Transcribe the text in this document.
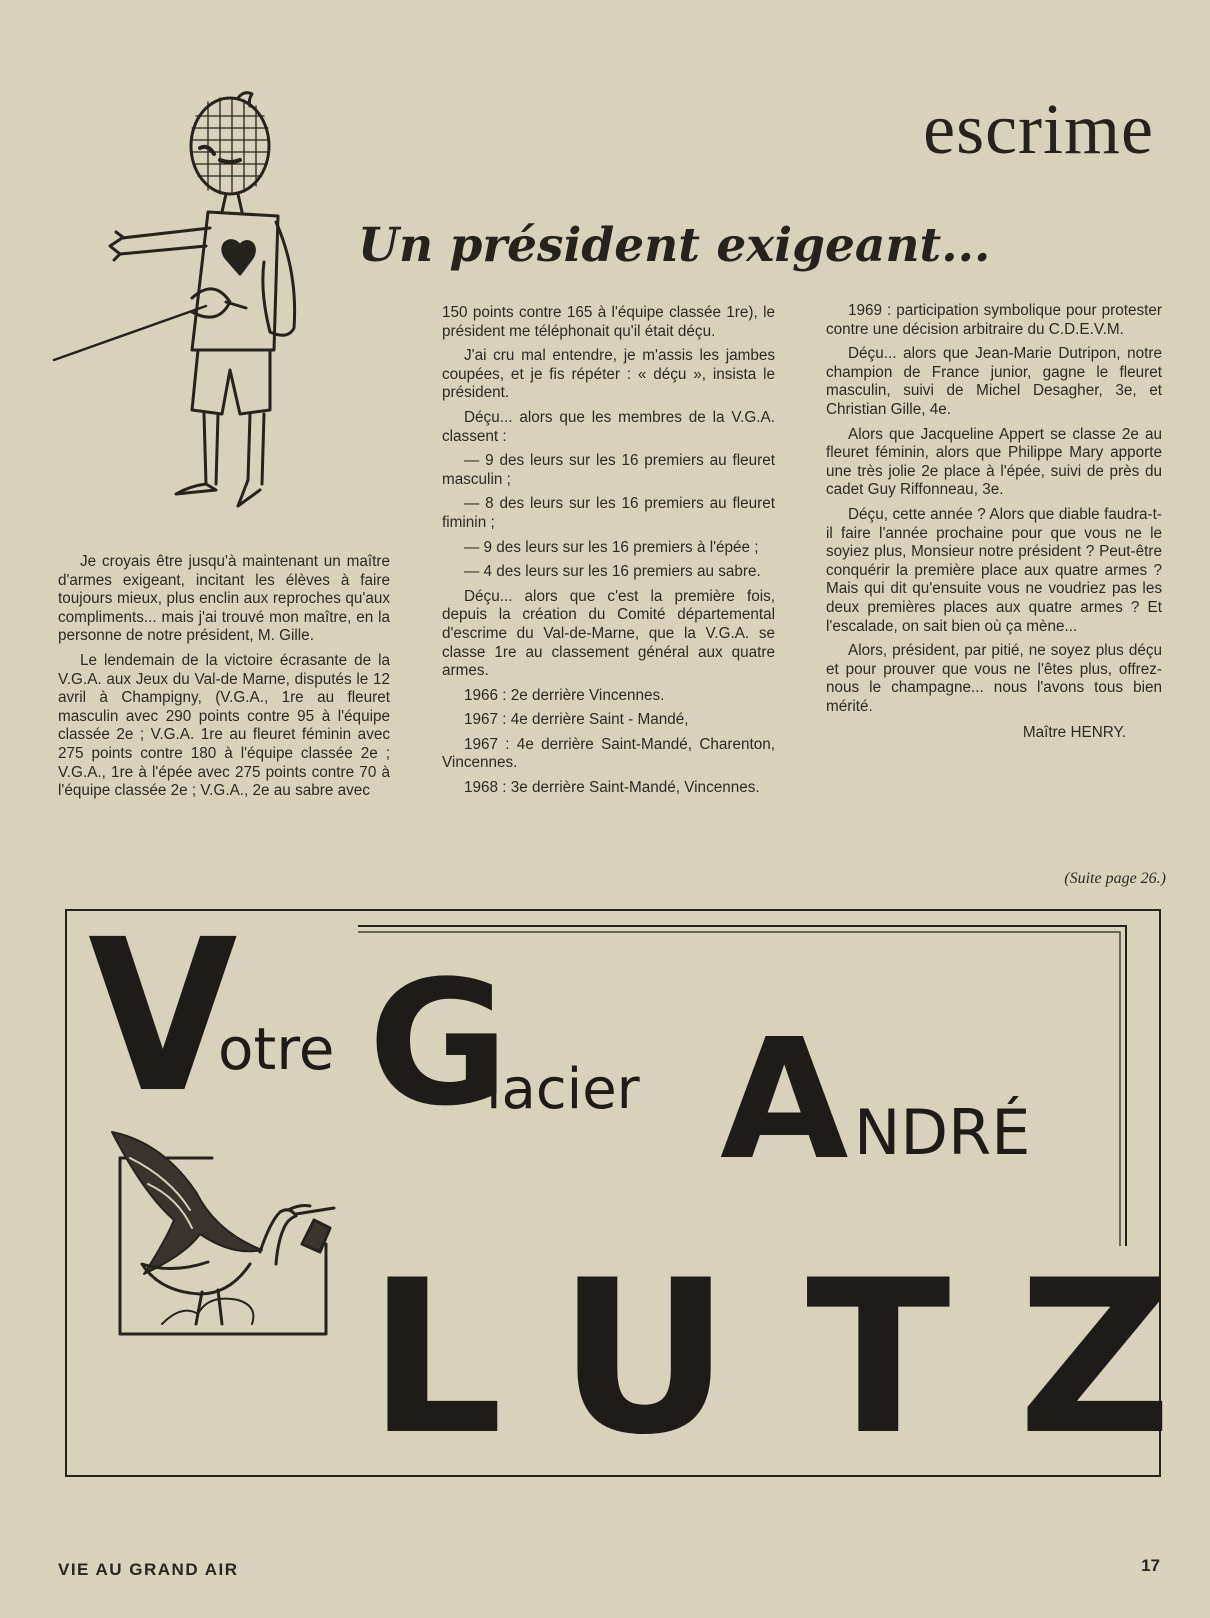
escrime
Un président exigeant...

Je croyais être jusqu'à maintenant un maître d'armes exigeant, incitant les élèves à faire toujours mieux, plus enclin aux reproches qu'aux compliments... mais j'ai trouvé mon maître, en la personne de notre président, M. Gille.

Le lendemain de la victoire écrasante de la V.G.A. aux Jeux du Val-de Marne, disputés le 12 avril à Champigny, (V.G.A., 1re au fleuret masculin avec 290 points contre 95 à l'équipe classée 2e ; V.G.A. 1re au fleuret féminin avec 275 points contre 180 à l'équipe classée 2e ; V.G.A., 1re à l'épée avec 275 points contre 70 à l'équipe classée 2e ; V.G.A., 2e au sabre avec

150 points contre 165 à l'équipe classée 1re), le président me téléphonait qu'il était déçu.

J'ai cru mal entendre, je m'assis les jambes coupées, et je fis répéter : « déçu », insista le président.

Déçu... alors que les membres de la V.G.A. classent :

— 9 des leurs sur les 16 premiers au fleuret masculin ;

— 8 des leurs sur les 16 premiers au fleuret fiminin ;

— 9 des leurs sur les 16 premiers à l'épée ;

— 4 des leurs sur les 16 premiers au sabre.

Déçu... alors que c'est la première fois, depuis la création du Comité départemental d'escrime du Val-de-Marne, que la V.G.A. se classe 1re au classement général aux quatre armes.

1966 : 2e derrière Vincennes.

1967 : 4e derrière Saint - Mandé,

1967 : 4e derrière Saint-Mandé, Charenton, Vincennes.

1968 : 3e derrière Saint-Mandé, Vincennes.

1969 : participation symbolique pour protester contre une décision arbitraire du C.D.E.V.M.

Déçu... alors que Jean-Marie Dutripon, notre champion de France junior, gagne le fleuret masculin, suivi de Michel Desagher, 3e, et Christian Gille, 4e.

Alors que Jacqueline Appert se classe 2e au fleuret féminin, alors que Philippe Mary apporte une très jolie 2e place à l'épée, suivi de près du cadet Guy Riffonneau, 3e.

Déçu, cette année ? Alors que diable faudra-t-il faire l'année prochaine pour que vous ne le soyiez plus, Monsieur notre président ? Peut-être conquérir la première place aux quatre armes ? Mais qui dit qu'ensuite vous ne voudriez pas les deux premières places aux quatre armes ? Et l'escalade, on sait bien où ça mène...

Alors, président, par pitié, ne soyez plus déçu et pour prouver que vous ne l'êtes plus, offrez-nous le champagne... nous l'avons tous bien mérité.

Maître HENRY.

(Suite page 26.)
V
otre G
lacier A NDRÉ
L U T Z
VIE AU GRAND AIR	17
